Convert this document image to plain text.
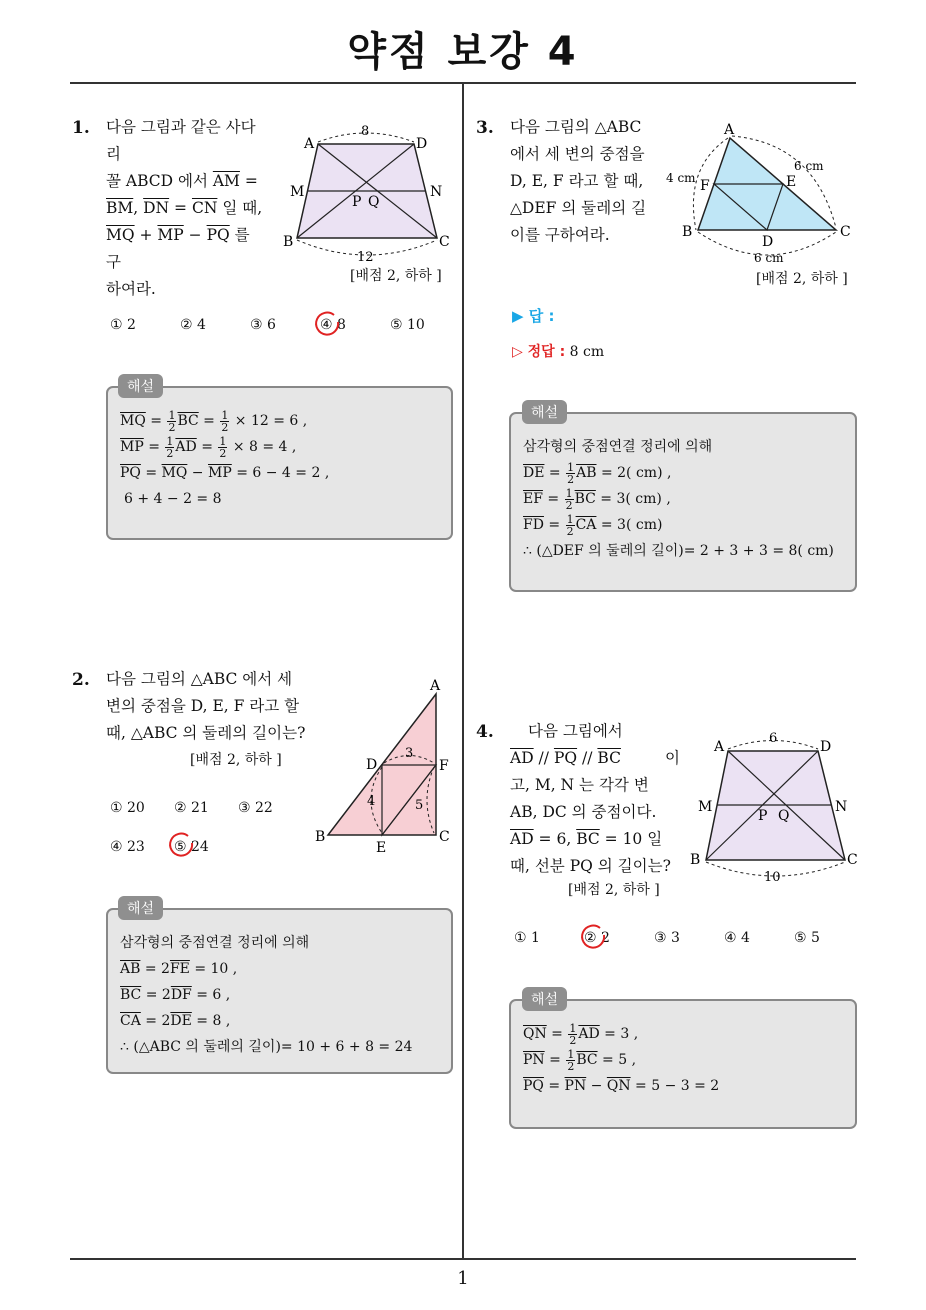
약점 보강 4
1
1. 다음 그림과 같은 사다리
꼴 ABCD 에서 $\overline{AM}$ =
$\overline{BM}$, $\overline{DN} = \overline{CN}$ 일 때,
$\overline{MQ} + \overline{MP} - \overline{PQ}$ 를 구
하여라.
A	D
M	N
B	C
P Q
8
12
[배점 2, 하하 ]
① 2	② 4	③ 6	④ 8	⑤ 10
$\overline{MQ} = \frac{1}{2} \overline{BC} = \frac{1}{2} \times 12 = 6$ ,
$\overline{MP} = \frac{1}{2} \overline{AD} = \frac{1}{2} \times 8 = 4$ ,
$\overline{PQ} = \overline{MQ} - \overline{MP} = 6 - 4 = 2$ ,
6 + 4 − 2 = 8
해설
2. 다음 그림의 △ABC 에서 세
변의 중점을 D, E, F 라고 할
때, △ABC 의 둘레의 길이는?
[배점 2, 하하 ]
A
B	C
D
E
F
3
4	5
① 20 ② 21 ③ 22
④ 23 ⑤ 24
삼각형의 중점연결 정리에 의해
$\overline{AB} = 2\overline{FE} = 10$ ,
$\overline{BC} = 2\overline{DF} = 6$ ,
$\overline{CA} = 2\overline{DE} = 8$ ,
∴ (△ABC 의 둘레의 길이)= 10 + 6 + 8 = 24
해설
3. 다음 그림의 △ABC
에서 세 변의 중점을
D, E, F 라고 할 때,
△DEF 의 둘레의 길
이를 구하여라.
A
B	C
D
E
F
4 cm
6 cm
6 cm
[배점 2, 하하 ]
▶ 답 :
▷ 정답 : 8 cm
삼각형의 중점연결 정리에 의해
$\overline{DE} = \frac{1}{2} \overline{AB} = 2$( cm) ,
$\overline{EF} = \frac{1}{2} \overline{BC} = 3$( cm) ,
$\overline{FD} = \frac{1}{2} \overline{CA} = 3$( cm)
∴ (△DEF 의 둘레의 길이)= 2 + 3 + 3 = 8( cm)
해설
4.	다음 그림에서
$\overline{AD} // \overline{PQ} // \overline{BC}$	이
고, M, N 는 각각 변
AB, DC 의 중점이다.
$\overline{AD} = 6$, $\overline{BC} = 10$ 일
때, 선분 PQ 의 길이는?
[배점 2, 하하 ]
A	D
M	N
B	C
P Q
6
10
① 1	② 2	③ 3	④ 4	⑤ 5
$\overline{QN} = \frac{1}{2} \overline{AD} = 3$ ,
$\overline{PN} = \frac{1}{2} \overline{BC} = 5$ ,
$\overline{PQ} = \overline{PN} - \overline{QN} = 5 - 3 = 2$
해설
